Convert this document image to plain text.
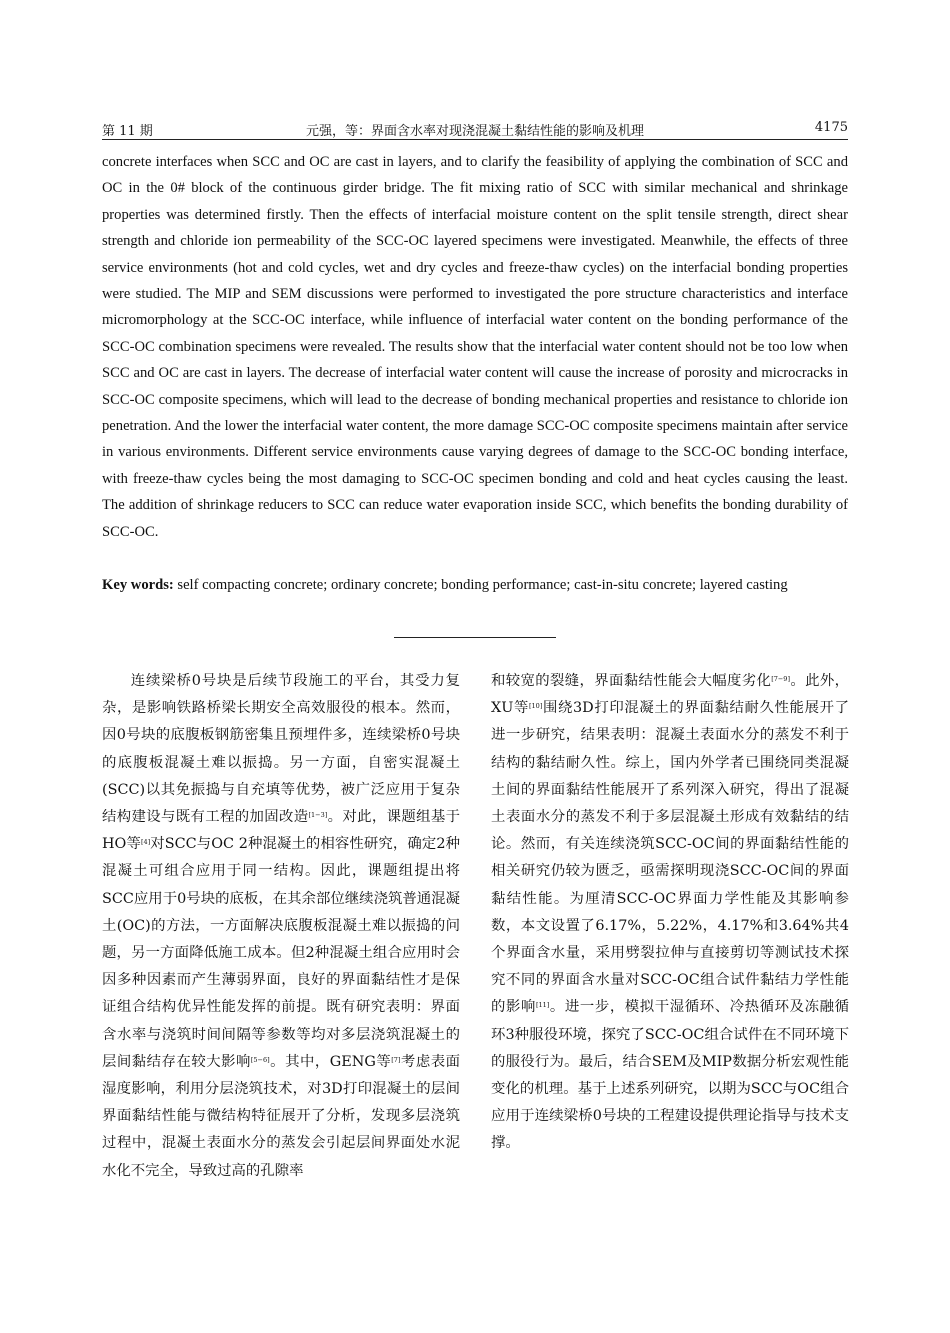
第 11 期	元强，等：界面含水率对现浇混凝土黏结性能的影响及机理	4175

concrete interfaces when SCC and OC are cast in layers, and to clarify the feasibility of applying the combination of SCC and OC in the 0# block of the continuous girder bridge. The fit mixing ratio of SCC with similar mechanical and shrinkage properties was determined firstly. Then the effects of interfacial moisture content on the split tensile strength, direct shear strength and chloride ion permeability of the SCC-OC layered specimens were investigated. Meanwhile, the effects of three service environments (hot and cold cycles, wet and dry cycles and freeze-thaw cycles) on the interfacial bonding properties were studied. The MIP and SEM discussions were performed to investigated the pore structure characteristics and interface micromorphology at the SCC-OC interface, while influence of interfacial water content on the bonding performance of the SCC-OC combination specimens were revealed. The results show that the interfacial water content should not be too low when SCC and OC are cast in layers. The decrease of interfacial water content will cause the increase of porosity and microcracks in SCC-OC composite specimens, which will lead to the decrease of bonding mechanical properties and resistance to chloride ion penetration. And the lower the interfacial water content, the more damage SCC-OC composite specimens maintain after service in various environments. Different service environments cause varying degrees of damage to the SCC-OC bonding interface, with freeze-thaw cycles being the most damaging to SCC-OC specimen bonding and cold and heat cycles causing the least. The addition of shrinkage reducers to SCC can reduce water evaporation inside SCC, which benefits the bonding durability of SCC-OC.

Key words: self compacting concrete; ordinary concrete; bonding performance; cast-in-situ concrete; layered casting

连续梁桥0号块是后续节段施工的平台，其受力复杂，是影响铁路桥梁长期安全高效服役的根本。然而，因0号块的底腹板钢筋密集且预埋件多，连续梁桥0号块的底腹板混凝土难以振捣。另一方面，自密实混凝土(SCC)以其免振捣与自充填等优势，被广泛应用于复杂结构建设与既有工程的加固改造[1−3]。对此，课题组基于HO等[4]对SCC与OC 2种混凝土的相容性研究，确定2种混凝土可组合应用于同一结构。因此，课题组提出将SCC应用于0号块的底板，在其余部位继续浇筑普通混凝土(OC)的方法，一方面解决底腹板混凝土难以振捣的问题，另一方面降低施工成本。但2种混凝土组合应用时会因多种因素而产生薄弱界面，良好的界面黏结性才是保证组合结构优异性能发挥的前提。既有研究表明：界面含水率与浇筑时间间隔等参数等均对多层浇筑混凝土的层间黏结存在较大影响[5−6]。其中，GENG等[7]考虑表面湿度影响，利用分层浇筑技术，对3D打印混凝土的层间界面黏结性能与微结构特征展开了分析，发现多层浇筑过程中，混凝土表面水分的蒸发会引起层间界面处水泥水化不完全，导致过高的孔隙率

和较宽的裂缝，界面黏结性能会大幅度劣化[7−9]。此外，XU等[10]围绕3D打印混凝土的界面黏结耐久性能展开了进一步研究，结果表明：混凝土表面水分的蒸发不利于结构的黏结耐久性。综上，国内外学者已围绕同类混凝土间的界面黏结性能展开了系列深入研究，得出了混凝土表面水分的蒸发不利于多层混凝土形成有效黏结的结论。然而，有关连续浇筑SCC-OC间的界面黏结性能的相关研究仍较为匮乏，亟需探明现浇SCC-OC间的界面黏结性能。为厘清SCC-OC界面力学性能及其影响参数，本文设置了6.17%，5.22%，4.17%和3.64%共4个界面含水量，采用劈裂拉伸与直接剪切等测试技术探究不同的界面含水量对SCC-OC组合试件黏结力学性能的影响[11]。进一步，模拟干湿循环、冷热循环及冻融循环3种服役环境，探究了SCC-OC组合试件在不同环境下的服役行为。最后，结合SEM及MIP数据分析宏观性能变化的机理。基于上述系列研究，以期为SCC与OC组合应用于连续梁桥0号块的工程建设提供理论指导与技术支撑。
